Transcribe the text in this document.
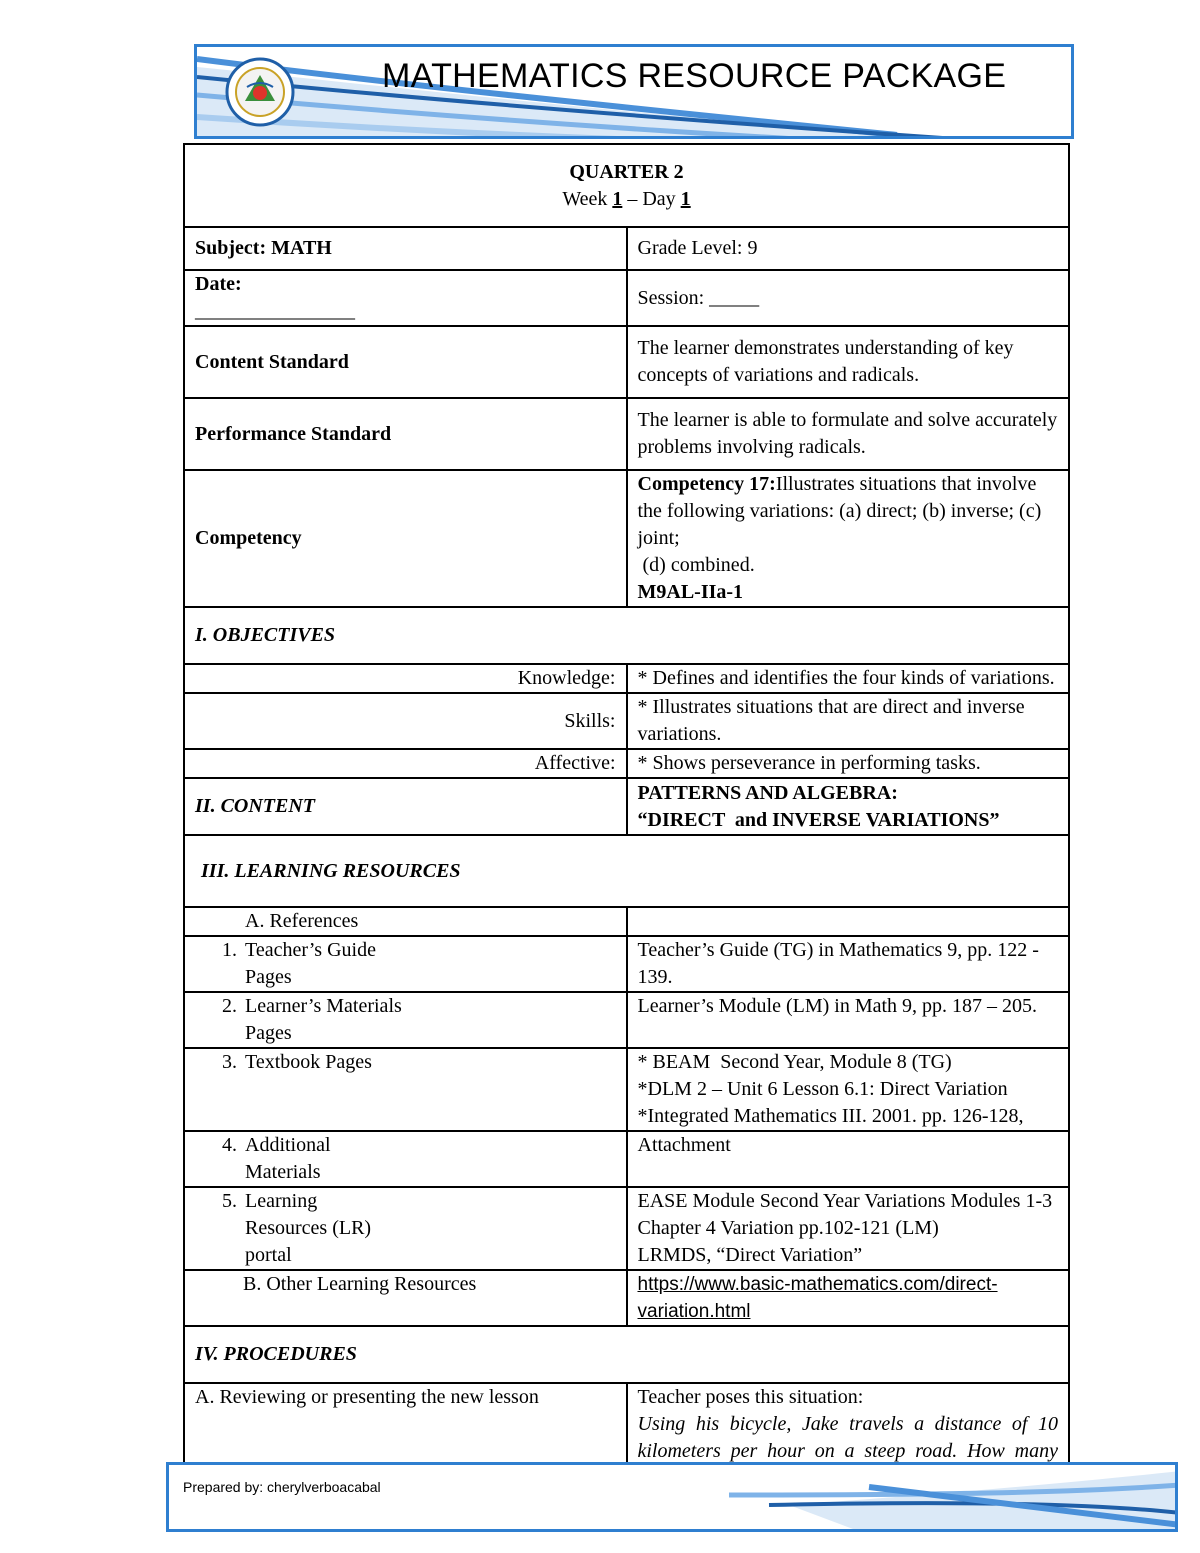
MATHEMATICS RESOURCE PACKAGE
QUARTER 2
Week 1 – Day 1	

Subject: MATH	Grade Level: 9

Date:
________________	Session: _____
Content Standard	The learner demonstrates understanding of key concepts of variations and radicals.
Performance Standard	The learner is able to formulate and solve accurately problems involving radicals.
Competency	Competency 17:Illustrates situations that involve the following variations: (a) direct; (b) inverse; (c) joint;
(d) combined.
M9AL-IIa-1

I. OBJECTIVES	
Knowledge:	* Defines and identifies the four kinds of variations.
Skills:	* Illustrates situations that are direct and inverse variations.
Affective:	* Shows perseverance in performing tasks.
II. CONTENT	PATTERNS AND ALGEBRA:
“DIRECT  and INVERSE VARIATIONS”

III. LEARNING RESOURCES	
A. References	
1. Teacher’s Guide Pages	Teacher’s Guide (TG) in Mathematics 9, pp. 122 - 139.
2. Learner’s Materials Pages	Learner’s Module (LM) in Math 9, pp. 187 – 205.
3. Textbook Pages	* BEAM  Second Year, Module 8 (TG)
*DLM 2 – Unit 6 Lesson 6.1: Direct Variation
*Integrated Mathematics III. 2001. pp. 126-128,

4. Additional Materials	Attachment
5. Learning Resources (LR) portal	EASE Module Second Year Variations Modules 1-3 Chapter 4 Variation pp.102-121 (LM)
LRMDS, “Direct Variation”

B. Other Learning Resources	https://www.basic-mathematics.com/direct-variation.html
IV. PROCEDURES	
A. Reviewing or presenting the new lesson	Teacher poses this situation:
Using his bicycle, Jake travels a distance of 10 kilometers per hour on a steep road. How many
Prepared by: cherylverboacabal
